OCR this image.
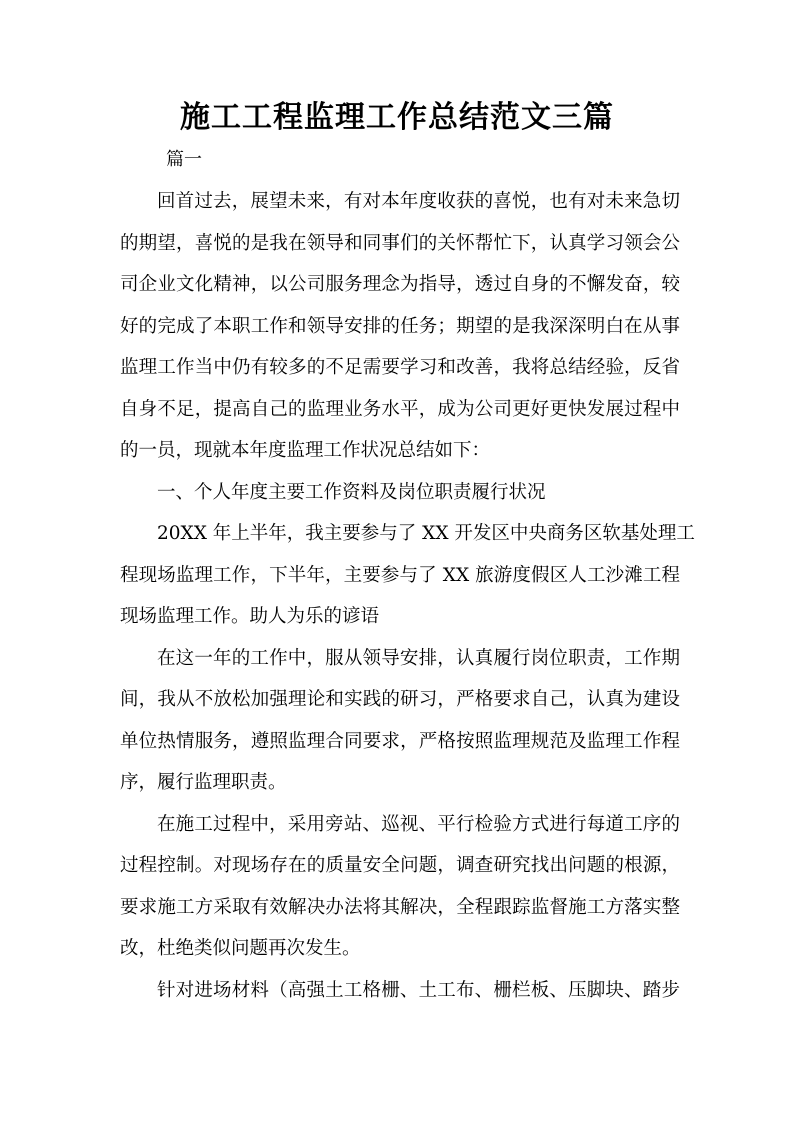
施工工程监理工作总结范文三篇

篇一

回首过去，展望未来，有对本年度收获的喜悦，也有对未来急切

的期望，喜悦的是我在领导和同事们的关怀帮忙下，认真学习领会公

司企业文化精神，以公司服务理念为指导，透过自身的不懈发奋，较

好的完成了本职工作和领导安排的任务；期望的是我深深明白在从事

监理工作当中仍有较多的不足需要学习和改善，我将总结经验，反省

自身不足，提高自己的监理业务水平，成为公司更好更快发展过程中

的一员，现就本年度监理工作状况总结如下：

一、个人年度主要工作资料及岗位职责履行状况

20XX 年上半年，我主要参与了 XX 开发区中央商务区软基处理工

程现场监理工作，下半年，主要参与了 XX 旅游度假区人工沙滩工程

现场监理工作。助人为乐的谚语

在这一年的工作中，服从领导安排，认真履行岗位职责，工作期

间，我从不放松加强理论和实践的研习，严格要求自己，认真为建设

单位热情服务，遵照监理合同要求，严格按照监理规范及监理工作程

序，履行监理职责。

在施工过程中，采用旁站、巡视、平行检验方式进行每道工序的

过程控制。对现场存在的质量安全问题，调查研究找出问题的根源，

要求施工方采取有效解决办法将其解决，全程跟踪监督施工方落实整

改，杜绝类似问题再次发生。

针对进场材料（高强土工格栅、土工布、栅栏板、压脚块、踏步
